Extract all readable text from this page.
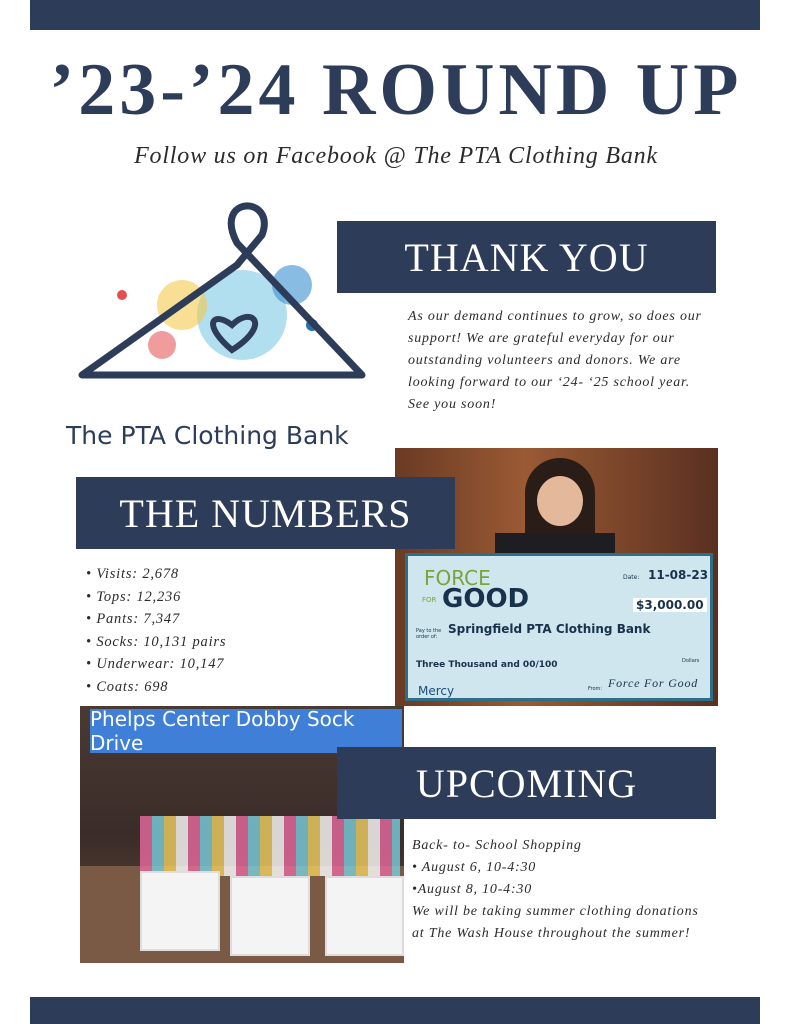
’23-’24 ROUND UP
Follow us on Facebook @ The PTA Clothing Bank
The PTA Clothing Bank
THANK YOU
As our demand continues to grow, so does our support! We are grateful everyday for our outstanding volunteers and donors. We are looking forward to our ‘24- ‘25 school year. See you soon!
FORCE
FOR GOOD
Date: 11-08-23
$3,000.00
Pay to the order of:
Springfield PTA Clothing Bank
Three Thousand and 00/100	Dollars
From: Force For Good
Mercy
THE NUMBERS
• Visits: 2,678
• Tops: 12,236
• Pants: 7,347
• Socks: 10,131 pairs
• Underwear: 10,147
• Coats: 698
Phelps Center Dobby Sock Drive
UPCOMING
Back- to- School Shopping
• August 6, 10-4:30
•August 8, 10-4:30
We will be taking summer clothing donations at The Wash House throughout the summer!
